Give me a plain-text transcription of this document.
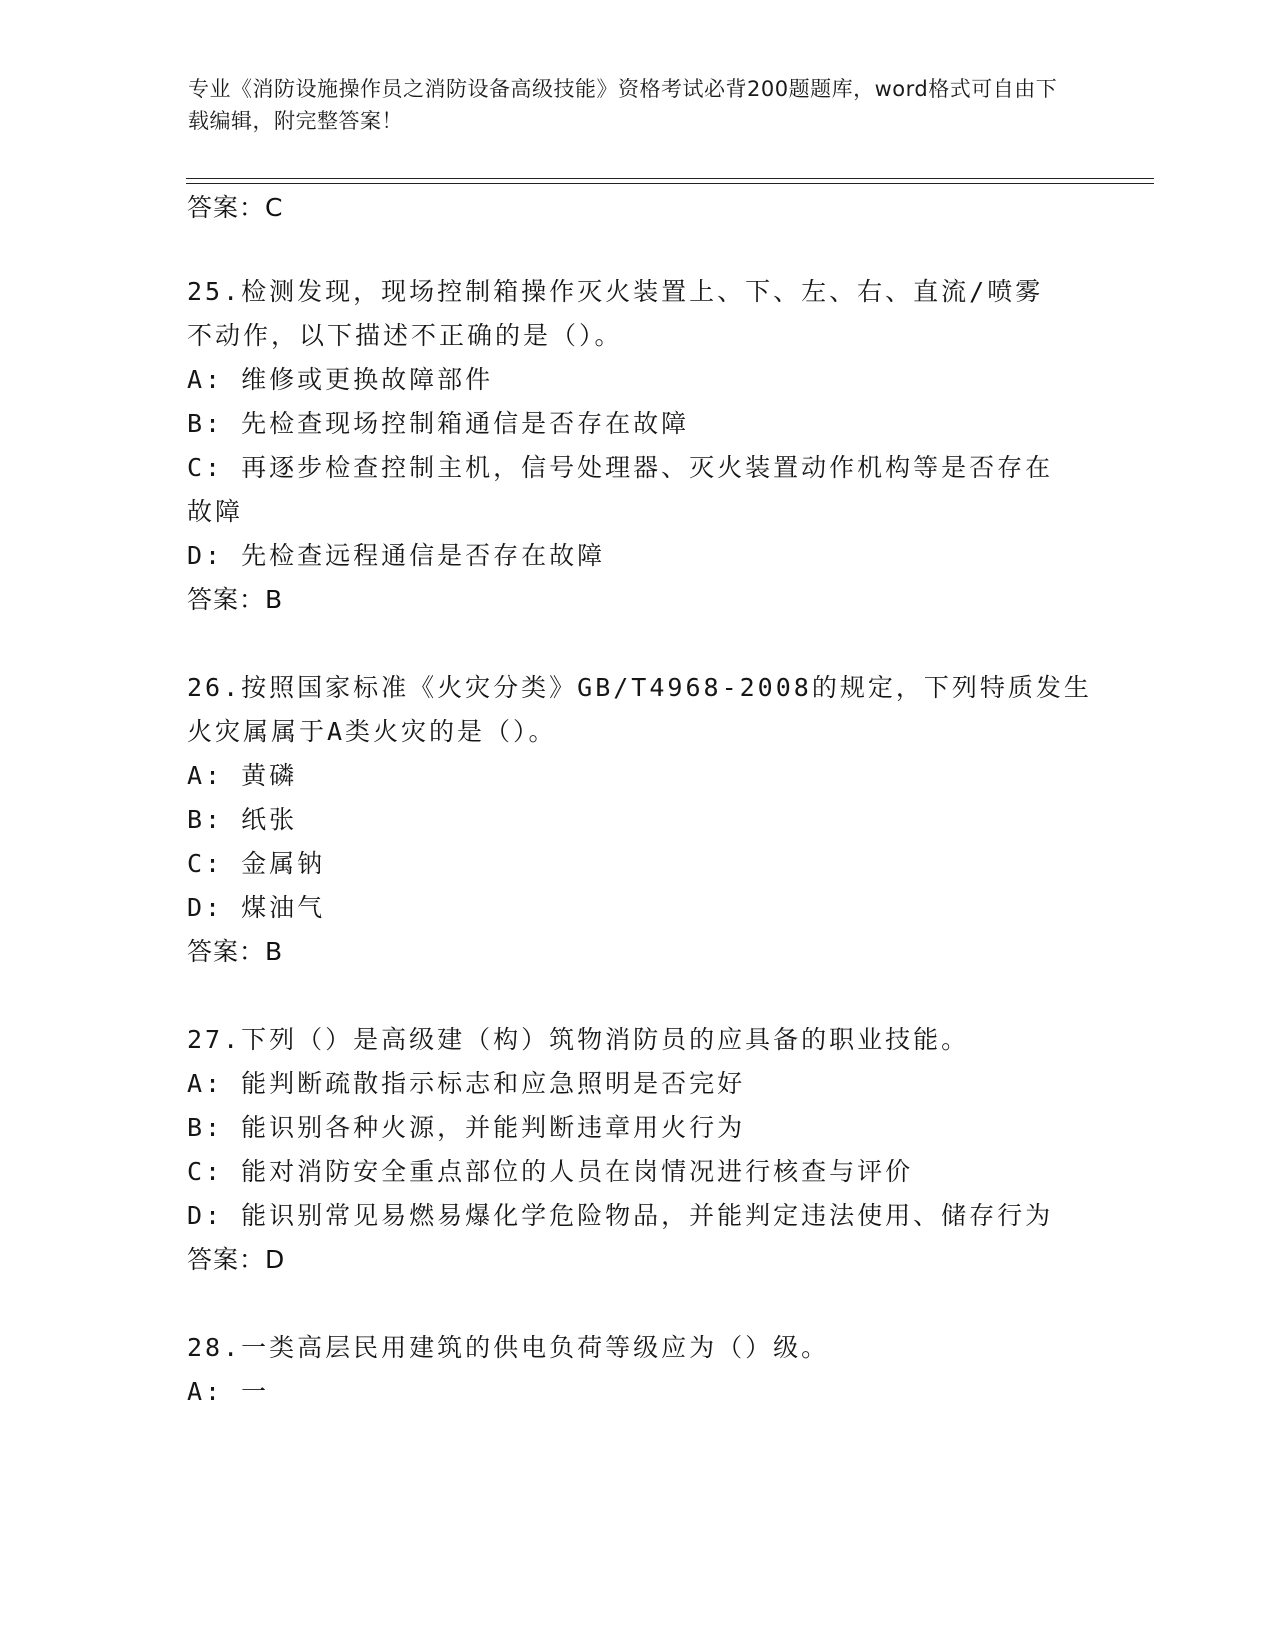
专业《消防设施操作员之消防设备高级技能》资格考试必背200题题库，word格式可自由下载编辑，附完整答案！
答案：C
25.检测发现，现场控制箱操作灭火装置上、下、左、右、直流/喷雾
不动作，以下描述不正确的是（）。
A: 维修或更换故障部件
B: 先检查现场控制箱通信是否存在故障
C: 再逐步检查控制主机，信号处理器、灭火装置动作机构等是否存在
故障
D: 先检查远程通信是否存在故障
答案：B
26.按照国家标准《火灾分类》GB/T4968-2008的规定，下列特质发生
火灾属属于A类火灾的是（）。
A: 黄磷
B: 纸张
C: 金属钠
D: 煤油气
答案：B
27.下列（）是高级建（构）筑物消防员的应具备的职业技能。
A: 能判断疏散指示标志和应急照明是否完好
B: 能识别各种火源，并能判断违章用火行为
C: 能对消防安全重点部位的人员在岗情况进行核查与评价
D: 能识别常见易燃易爆化学危险物品，并能判定违法使用、储存行为
答案：D
28.一类高层民用建筑的供电负荷等级应为（）级。
A: 一
